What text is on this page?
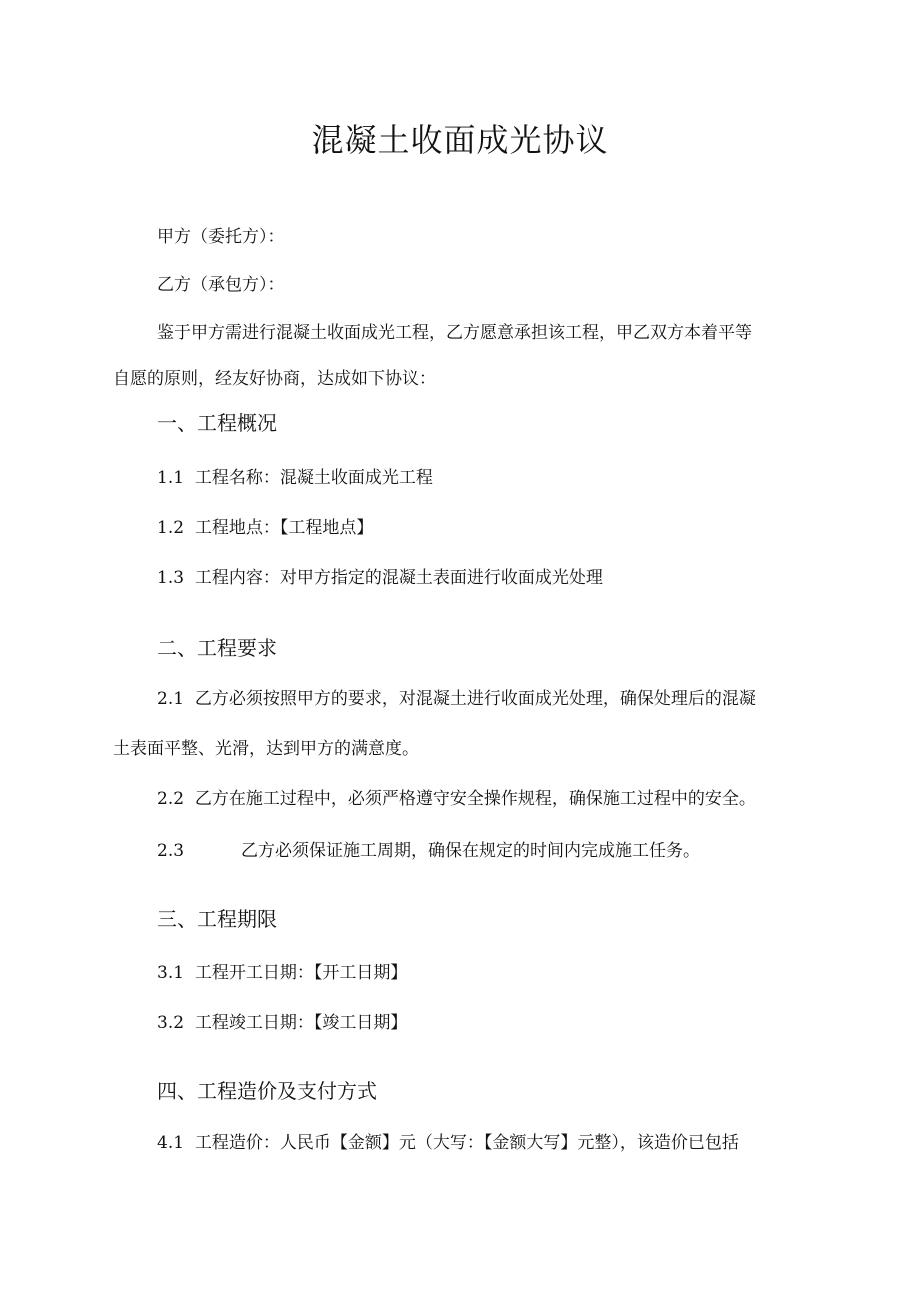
混凝土收面成光协议
甲方（委托方）：
乙方（承包方）：
鉴于甲方需进行混凝土收面成光工程，乙方愿意承担该工程，甲乙双方本着平等
自愿的原则，经友好协商，达成如下协议：
一、工程概况
1.1 工程名称：混凝土收面成光工程
1.2 工程地点：【工程地点】
1.3 工程内容：对甲方指定的混凝土表面进行收面成光处理
二、工程要求
2.1 乙方必须按照甲方的要求，对混凝土进行收面成光处理，确保处理后的混凝
土表面平整、光滑，达到甲方的满意度。
2.2 乙方在施工过程中，必须严格遵守安全操作规程，确保施工过程中的安全。
2.3	乙方必须保证施工周期，确保在规定的时间内完成施工任务。
三、工程期限
3.1 工程开工日期：【开工日期】
3.2 工程竣工日期：【竣工日期】
四、工程造价及支付方式
4.1 工程造价：人民币【金额】元（大写：【金额大写】元整），该造价已包括
